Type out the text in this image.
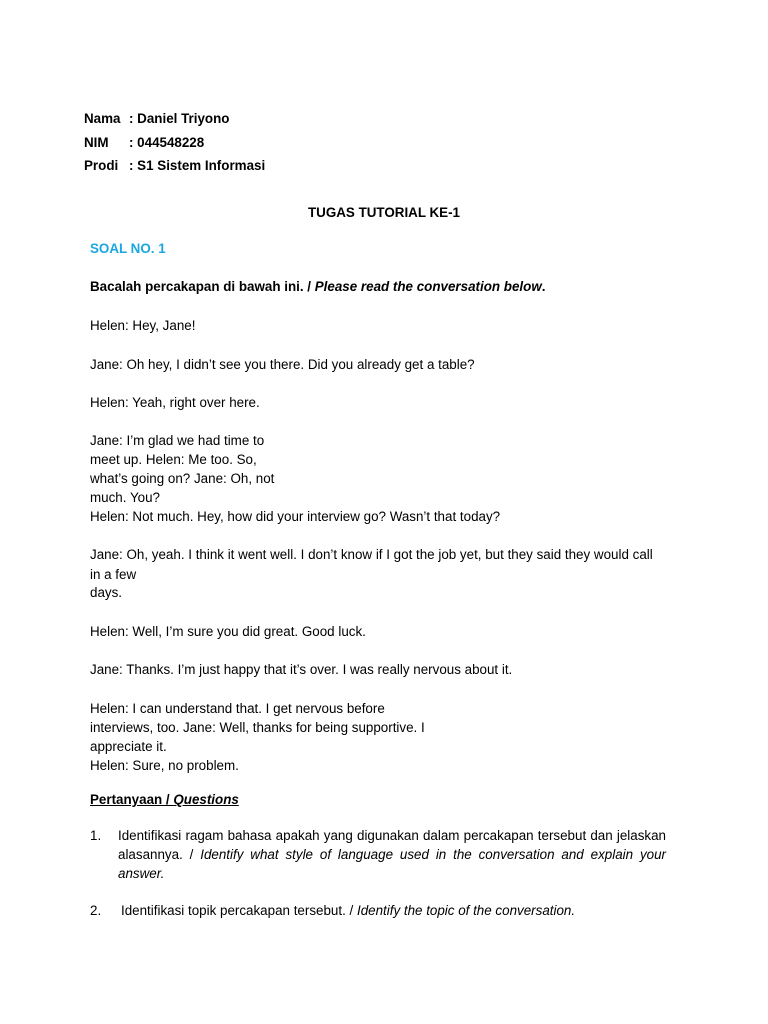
Nama : Daniel Triyono
NIM	: 044548228
Prodi : S1 Sistem Informasi
TUGAS TUTORIAL KE-1
SOAL NO. 1
Bacalah percakapan di bawah ini. / Please read the conversation below.
Helen: Hey, Jane!
Jane: Oh hey, I didn’t see you there. Did you already get a table?
Helen: Yeah, right over here.
Jane: I’m glad we had time to
meet up. Helen: Me too. So,
what’s going on? Jane: Oh, not
much. You?
Helen: Not much. Hey, how did your interview go? Wasn’t that today?
Jane: Oh, yeah. I think it went well. I don’t know if I got the job yet, but they said they would call
in a few
days.
Helen: Well, I’m sure you did great. Good luck.
Jane: Thanks. I’m just happy that it’s over. I was really nervous about it.
Helen: I can understand that. I get nervous before
interviews, too. Jane: Well, thanks for being supportive. I
appreciate it.
Helen: Sure, no problem.
Pertanyaan / Questions
1. Identifikasi ragam bahasa apakah yang digunakan dalam percakapan tersebut dan jelaskan alasannya. / Identify what style of language used in the conversation and explain your answer.
2. Identifikasi topik percakapan tersebut. / Identify the topic of the conversation.
